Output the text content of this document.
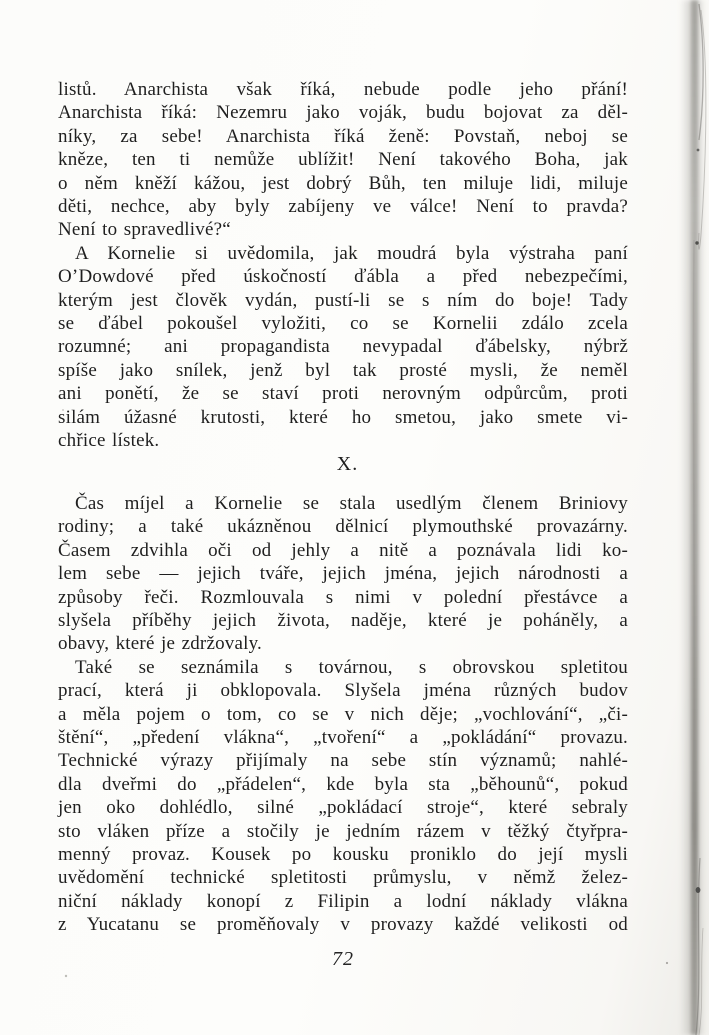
listů. Anarchista však říká, nebude podle jeho přání!
Anarchista říká: Nezemru jako voják, budu bojovat za děl-
níky, za sebe! Anarchista říká ženě: Povstaň, neboj se
kněze, ten ti nemůže ublížit! Není takového Boha, jak
o něm kněží kážou, jest dobrý Bůh, ten miluje lidi, miluje
děti, nechce, aby byly zabíjeny ve válce! Není to pravda?
Není to spravedlivé?“
A Kornelie si uvědomila, jak moudrá byla výstraha paní
O’Dowdové před úskočností ďábla a před nebezpečími,
kterým jest člověk vydán, pustí-li se s ním do boje! Tady
se ďábel pokoušel vyložiti, co se Kornelii zdálo zcela
rozumné; ani propagandista nevypadal ďábelsky, nýbrž
spíše jako snílek, jenž byl tak prosté mysli, že neměl
ani ponětí, že se staví proti nerovným odpůrcům, proti
silám úžasné krutosti, které ho smetou, jako smete vi-
chřice lístek.
X.
Čas míjel a Kornelie se stala usedlým členem Briniovy
rodiny; a také ukázněnou dělnicí plymouthské provazárny.
Časem zdvihla oči od jehly a nitě a poznávala lidi ko-
lem sebe — jejich tváře, jejich jména, jejich národnosti a
způsoby řeči. Rozmlouvala s nimi v polední přestávce a
slyšela příběhy jejich života, naděje, které je poháněly, a
obavy, které je zdržovaly.
Také se seznámila s továrnou, s obrovskou spletitou
prací, která ji obklopovala. Slyšela jména různých budov
a měla pojem o tom, co se v nich děje; „vochlování“, „či-
štění“, „předení vlákna“, „tvoření“ a „pokládání“ provazu.
Technické výrazy přijímaly na sebe stín významů; nahlé-
dla dveřmi do „přádelen“, kde byla sta „běhounů“, pokud
jen oko dohlédlo, silné „pokládací stroje“, které sebraly
sto vláken příze a stočily je jedním rázem v těžký čtyřpra-
menný provaz. Kousek po kousku proniklo do její mysli
uvědomění technické spletitosti průmyslu, v němž želez-
niční náklady konopí z Filipin a lodní náklady vlákna
z Yucatanu se proměňovaly v provazy každé velikosti od
72
